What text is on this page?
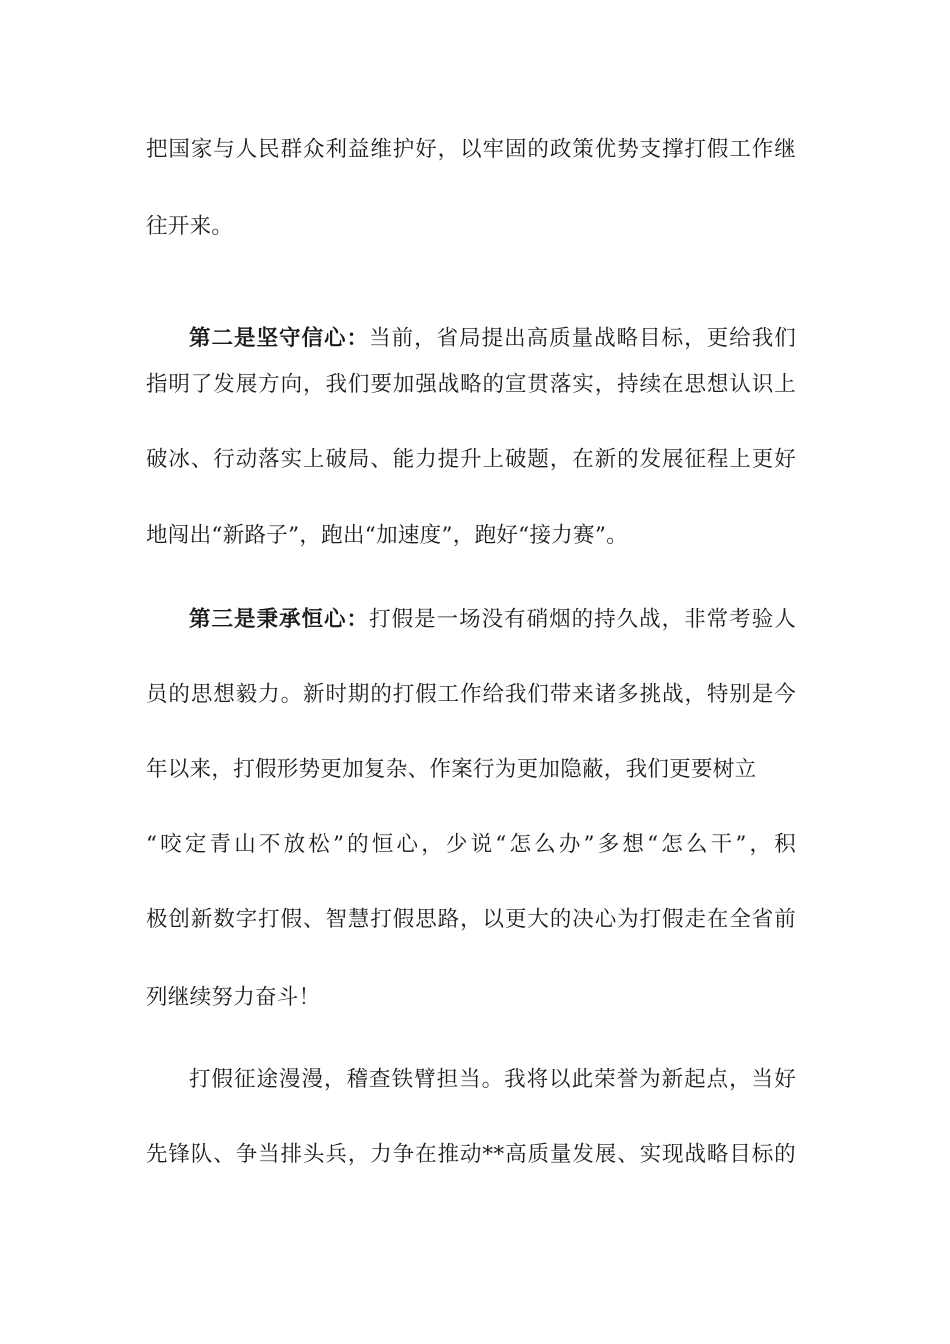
把国家与人民群众利益维护好，以牢固的政策优势支撑打假工作继
往开来。
第二是坚守信心：当前，省局提出高质量战略目标，更给我们
指明了发展方向，我们要加强战略的宣贯落实，持续在思想认识上
破冰、行动落实上破局、能力提升上破题，在新的发展征程上更好
地闯出“新路子”，跑出“加速度”，跑好“接力赛”。
第三是秉承恒心：打假是一场没有硝烟的持久战，非常考验人
员的思想毅力。新时期的打假工作给我们带来诸多挑战，特别是今
年以来，打假形势更加复杂、作案行为更加隐蔽，我们更要树立
“咬定青山不放松”的恒心，少说“怎么办”多想“怎么干”，积
极创新数字打假、智慧打假思路，以更大的决心为打假走在全省前
列继续努力奋斗！
打假征途漫漫，稽查铁臂担当。我将以此荣誉为新起点，当好
先锋队、争当排头兵，力争在推动**高质量发展、实现战略目标的
